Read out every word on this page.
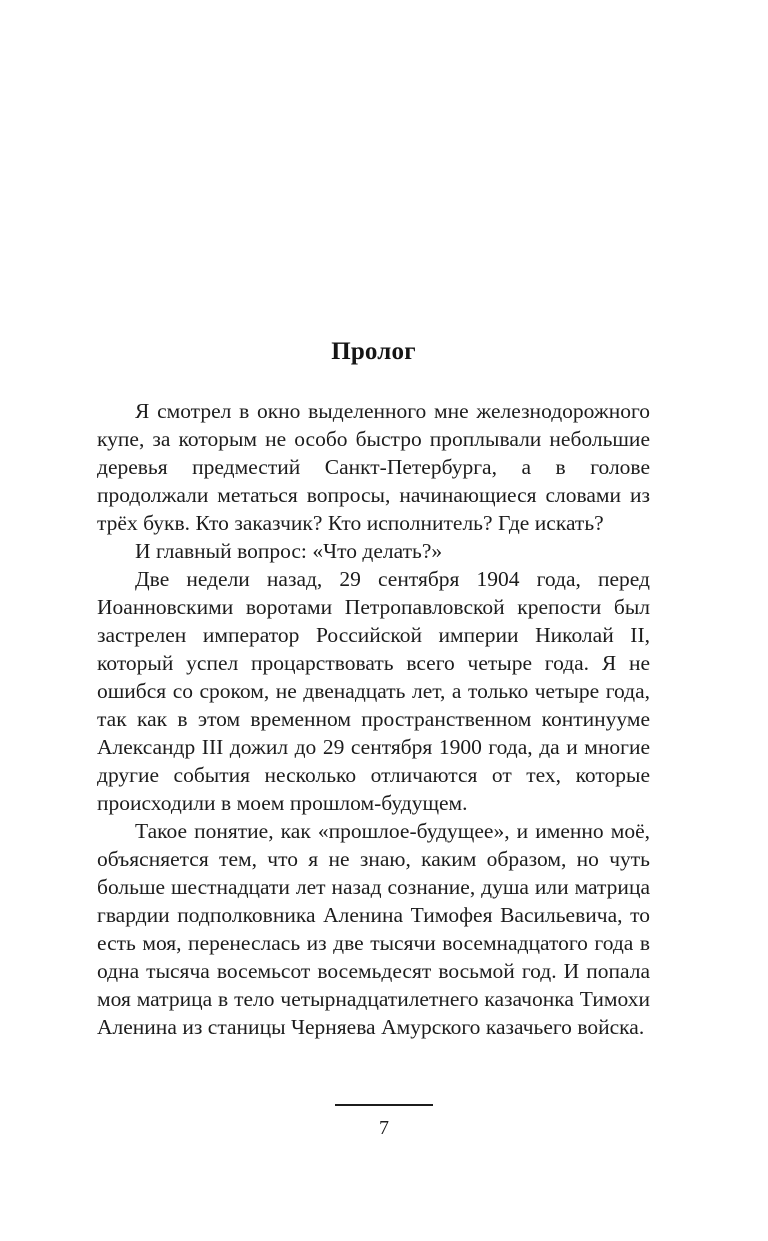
Пролог

Я смотрел в окно выделенного мне железнодорожного купе, за которым не особо быстро проплывали небольшие деревья предместий Санкт-Петербурга, а в голове продолжали метаться вопросы, начинающиеся словами из трёх букв. Кто заказчик? Кто исполнитель? Где искать?

И главный вопрос: «Что делать?»

Две недели назад, 29 сентября 1904 года, перед Иоанновскими воротами Петропавловской крепости был застрелен император Российской империи Николай II, который успел процарствовать всего четыре года. Я не ошибся со сроком, не двенадцать лет, а только четыре года, так как в этом временном пространственном континууме Александр III дожил до 29 сентября 1900 года, да и многие другие события несколько отличаются от тех, которые происходили в моем прошлом-будущем.

Такое понятие, как «прошлое-будущее», и именно моё, объясняется тем, что я не знаю, каким образом, но чуть больше шестнадцати лет назад сознание, душа или матрица гвардии подполковника Аленина Тимофея Васильевича, то есть моя, перенеслась из две тысячи восемнадцатого года в одна тысяча восемьсот восемьдесят восьмой год. И попала моя матрица в тело четырнадцатилетнего казачонка Тимохи Аленина из станицы Черняева Амурского казачьего войска.

7
